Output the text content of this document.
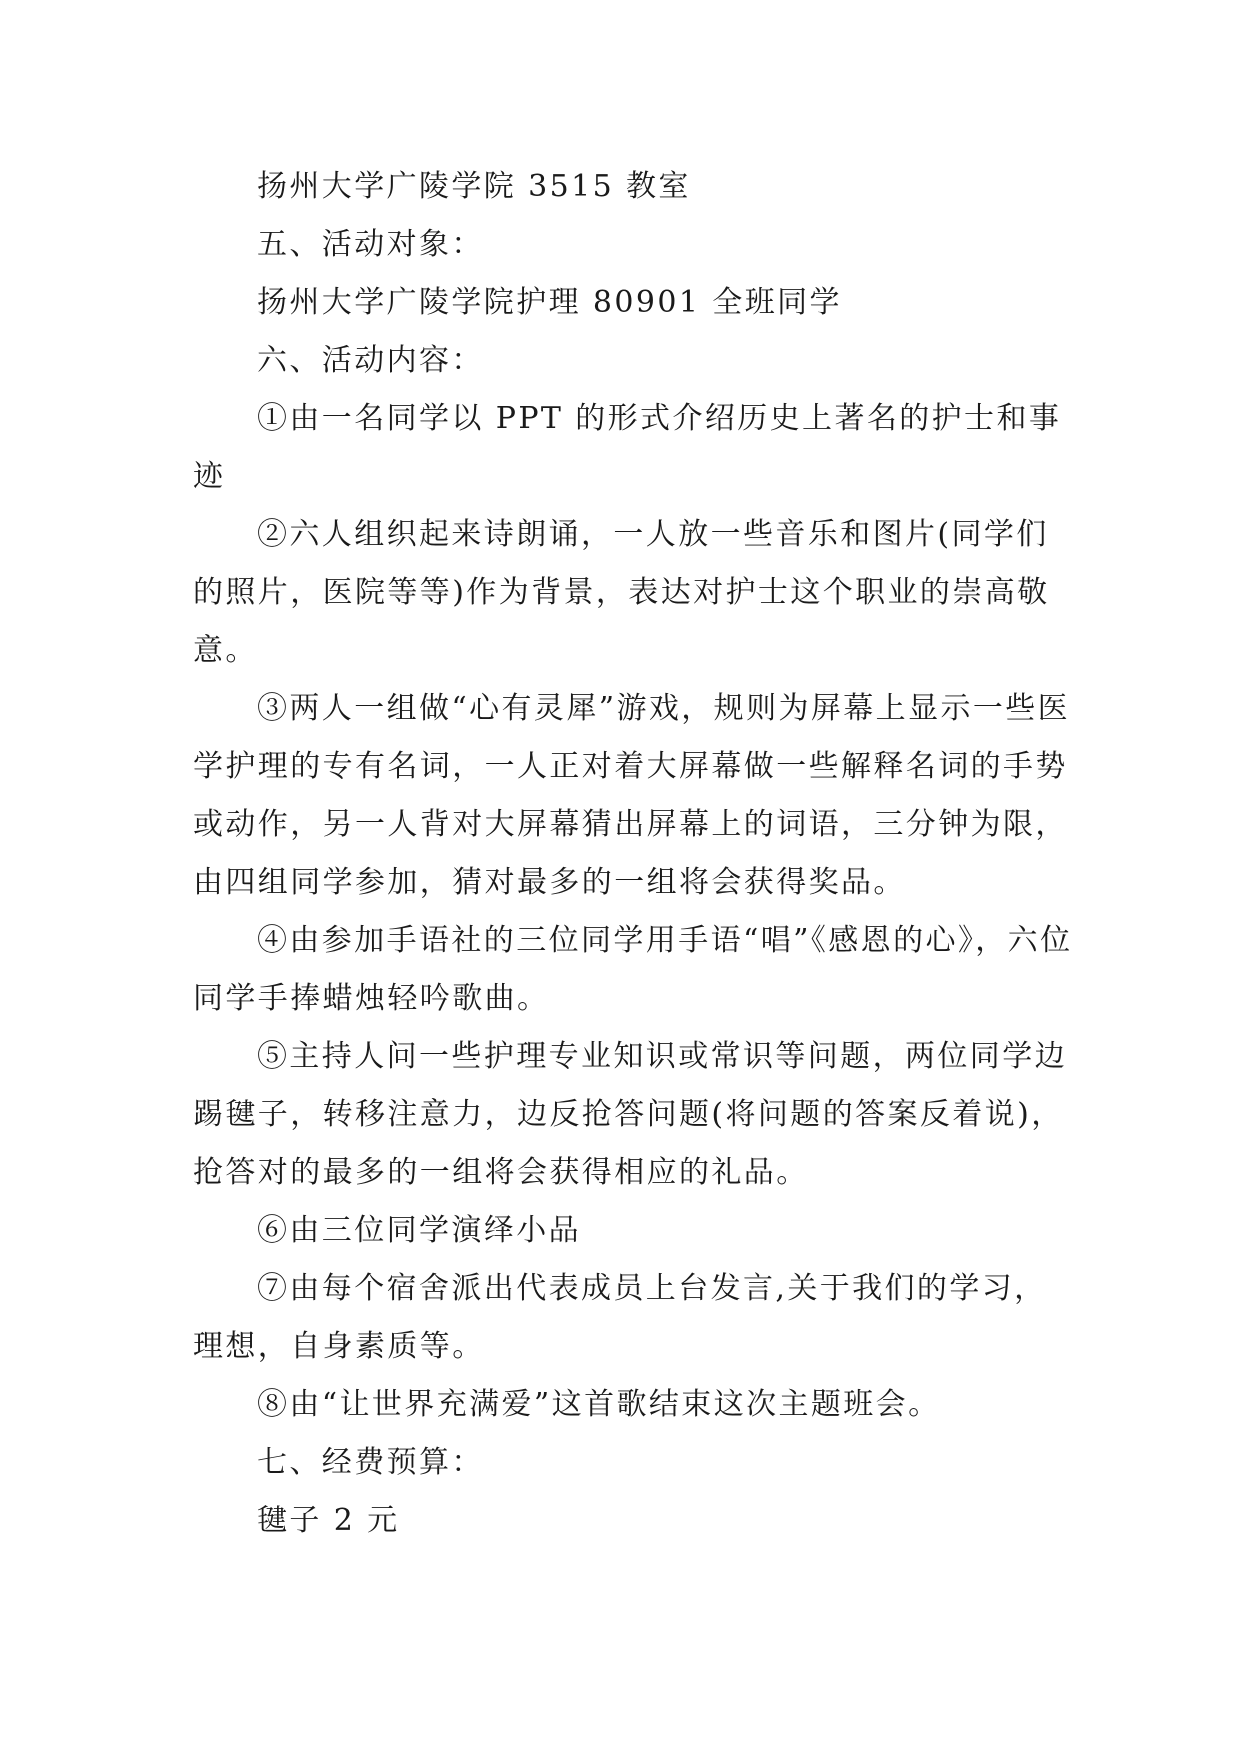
扬州大学广陵学院 3515 教室

五、活动对象：

扬州大学广陵学院护理 80901 全班同学

六、活动内容：

①由一名同学以 PPT 的形式介绍历史上著名的护士和事迹

②六人组织起来诗朗诵，一人放一些音乐和图片(同学们的照片，医院等等)作为背景，表达对护士这个职业的崇高敬意。

③两人一组做“心有灵犀”游戏，规则为屏幕上显示一些医学护理的专有名词，一人正对着大屏幕做一些解释名词的手势或动作，另一人背对大屏幕猜出屏幕上的词语，三分钟为限，由四组同学参加，猜对最多的一组将会获得奖品。

④由参加手语社的三位同学用手语“唱”《感恩的心》，六位同学手捧蜡烛轻吟歌曲。

⑤主持人问一些护理专业知识或常识等问题，两位同学边踢毽子，转移注意力，边反抢答问题(将问题的答案反着说)，抢答对的最多的一组将会获得相应的礼品。

⑥由三位同学演绎小品

⑦由每个宿舍派出代表成员上台发言,关于我们的学习，理想，自身素质等。

⑧由“让世界充满爱”这首歌结束这次主题班会。

七、经费预算：

毽子 2 元
